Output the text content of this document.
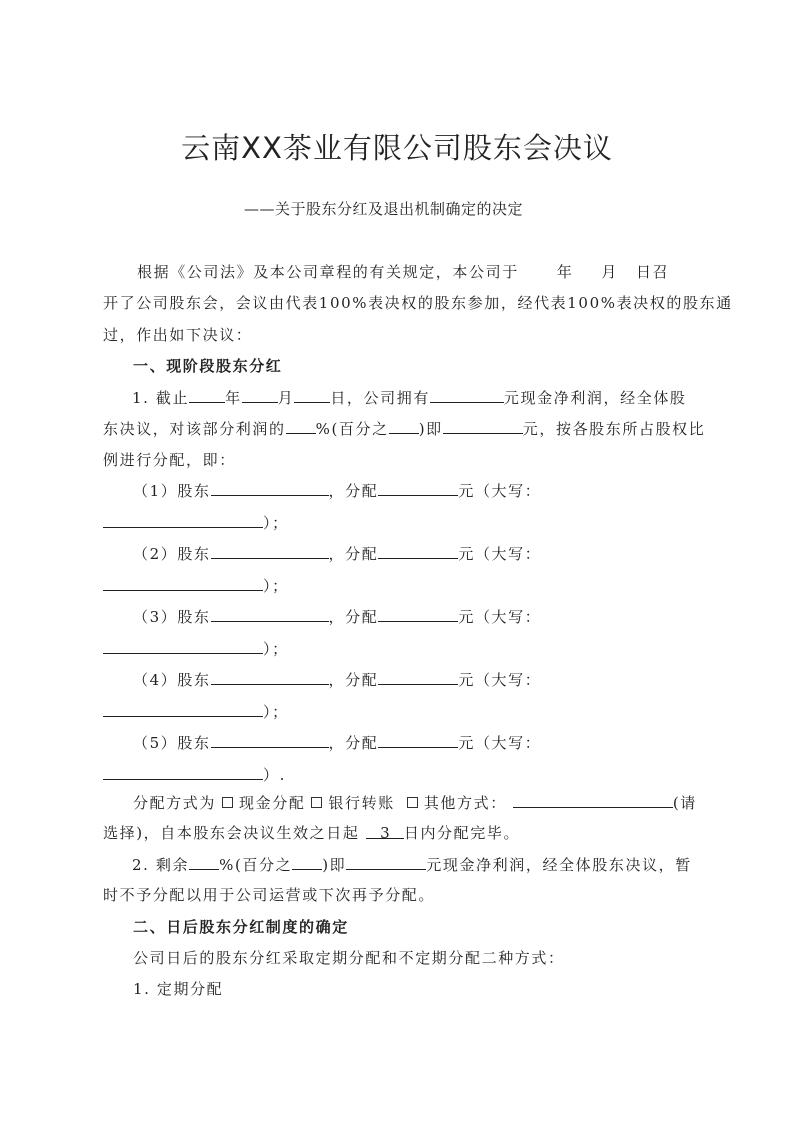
云南XX茶业有限公司股东会决议
——关于股东分红及退出机制确定的决定
根据《公司法》及本公司章程的有关规定，本公司于	年 月 日召
开了公司股东会，会议由代表100%表决权的股东参加，经代表100%表决权的股东通
过，作出如下决议：
一、现阶段股东分红
1. 截止 年 月 日，公司拥有	元现金净利润，经全体股
东决议，对该部分利润的 %(百分之 )即	元，按各股东所占股权比
例进行分配，即：
（1）股东	，分配	元（大写：
）；
（2）股东	，分配	元（大写：
）；
（3）股东	，分配	元（大写：
）；
（4）股东	，分配	元（大写：
）；
（5）股东	，分配	元（大写：
）.
分配方式为 现金分配 银行转账 其他方式：	(请
选择)，自本股东会决议生效之日起 3 日内分配完毕。
2. 剩余 %(百分之 )即	元现金净利润，经全体股东决议，暂
时不予分配以用于公司运营或下次再予分配。
二、日后股东分红制度的确定
公司日后的股东分红采取定期分配和不定期分配二种方式：
1. 定期分配
